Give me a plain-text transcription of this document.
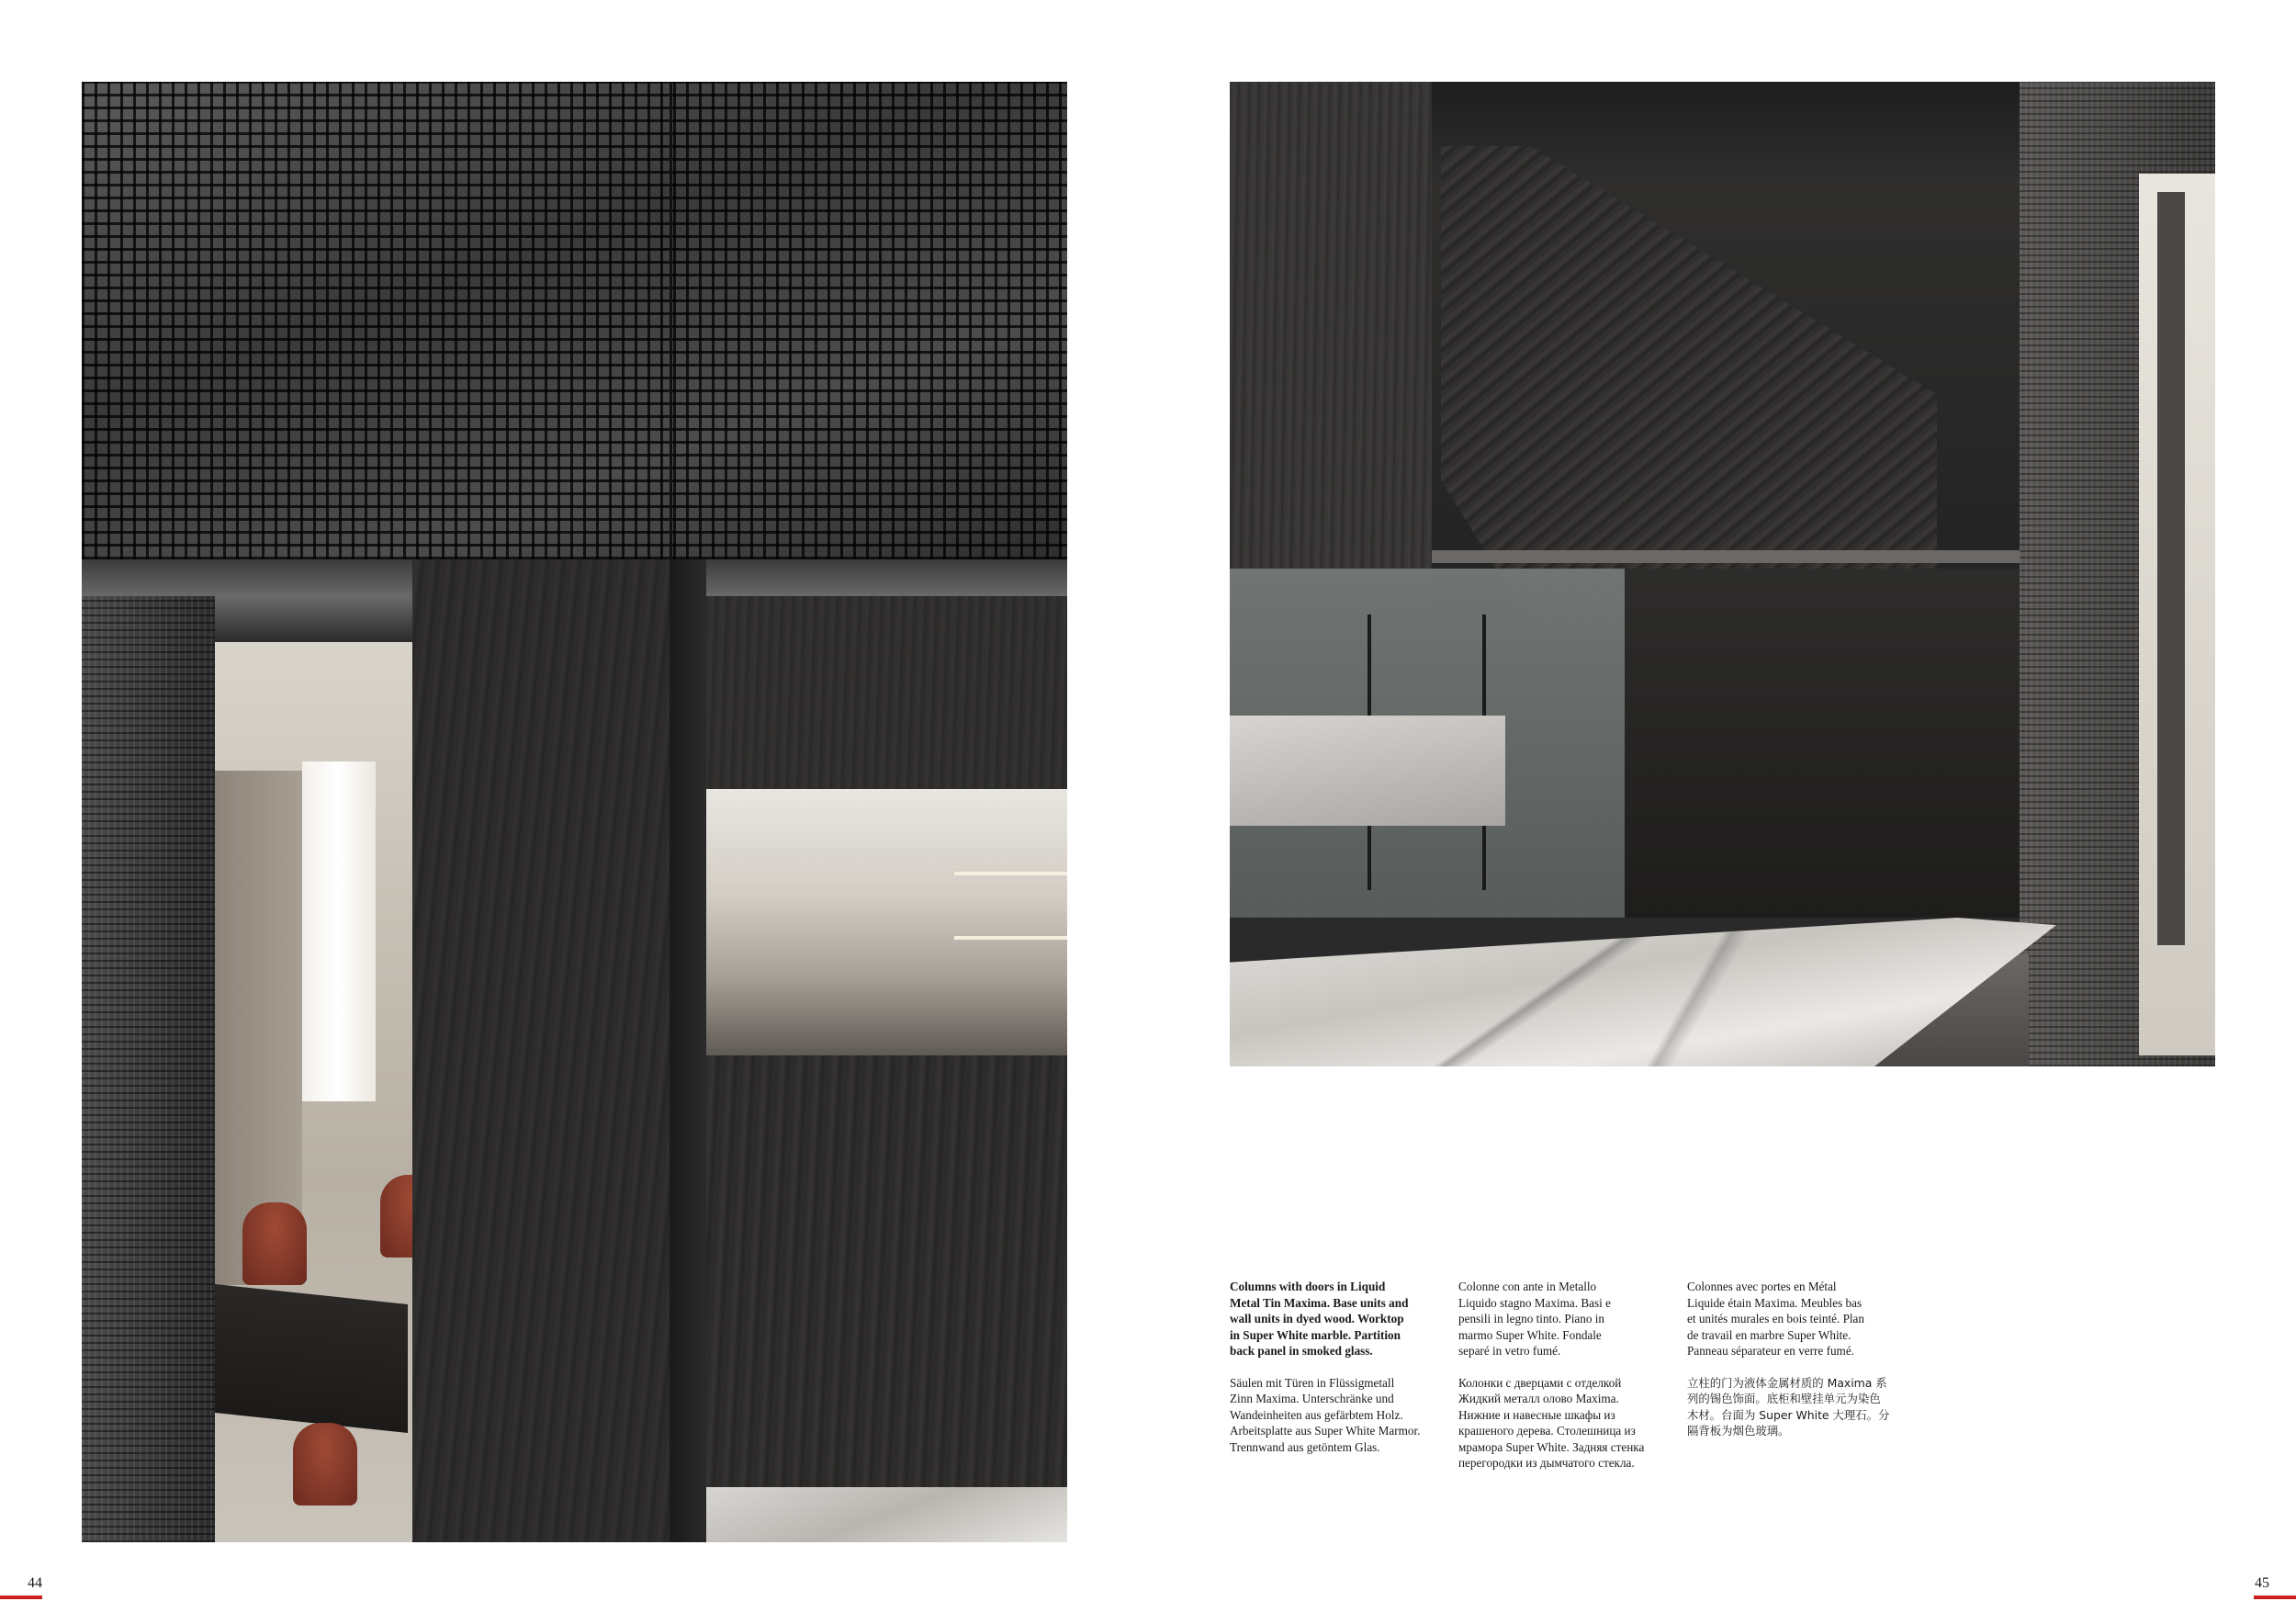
Columns with doors in Liquid
Metal Tin Maxima. Base units and
wall units in dyed wood. Worktop
in Super White marble. Partition
back panel in smoked glass.

Säulen mit Türen in Flüssigmetall
Zinn Maxima. Unterschränke und
Wandeinheiten aus gefärbtem Holz.
Arbeitsplatte aus Super White Marmor.
Trennwand aus getöntem Glas.

Colonne con ante in Metallo
Liquido stagno Maxima. Basi e
pensili in legno tinto. Piano in
marmo Super White. Fondale
separé in vetro fumé.

Колонки с дверцами с отделкой
Жидкий металл олово Maxima.
Нижние и навесные шкафы из
крашеного дерева. Столешница из
мрамора Super White. Задняя стенка
перегородки из дымчатого стекла.

Colonnes avec portes en Métal
Liquide étain Maxima. Meubles bas
et unités murales en bois teinté. Plan
de travail en marbre Super White.
Panneau séparateur en verre fumé.

立柱的门为液体金属材质的 Maxima 系
列的锡色饰面。底柜和壁挂单元为染色
木材。台面为 Super White 大理石。分
隔背板为烟色玻璃。

44	45
